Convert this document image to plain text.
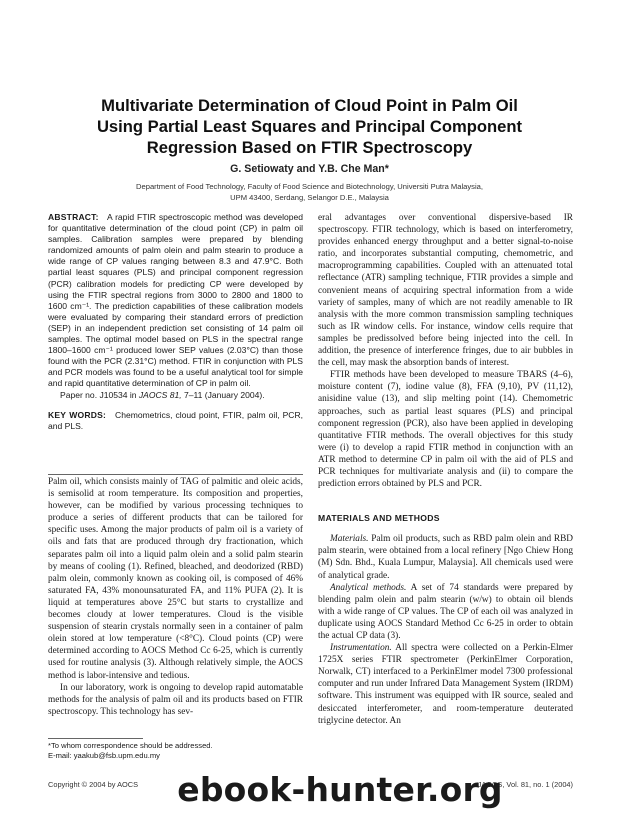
Multivariate Determination of Cloud Point in Palm Oil
Using Partial Least Squares and Principal Component
Regression Based on FTIR Spectroscopy
G. Setiowaty and Y.B. Che Man*
Department of Food Technology, Faculty of Food Science and Biotechnology, Universiti Putra Malaysia,
UPM 43400, Serdang, Selangor D.E., Malaysia

ABSTRACT: A rapid FTIR spectroscopic method was developed for quantitative determination of the cloud point (CP) in palm oil samples. Calibration samples were prepared by blending randomized amounts of palm olein and palm stearin to produce a wide range of CP values ranging between 8.3 and 47.9°C. Both partial least squares (PLS) and principal component regression (PCR) calibration models for predicting CP were developed by using the FTIR spectral regions from 3000 to 2800 and 1800 to 1600 cm⁻¹. The prediction capabilities of these calibration models were evaluated by comparing their standard errors of prediction (SEP) in an independent prediction set consisting of 14 palm oil samples. The optimal model based on PLS in the spectral range 1800–1600 cm⁻¹ produced lower SEP values (2.03°C) than those found with the PCR (2.31°C) method. FTIR in conjunction with PLS and PCR models was found to be a useful analytical tool for simple and rapid quantitative determination of CP in palm oil.

Paper no. J10534 in JAOCS 81, 7–11 (January 2004).

KEY WORDS: Chemometrics, cloud point, FTIR, palm oil, PCR, and PLS.

Palm oil, which consists mainly of TAG of palmitic and oleic acids, is semisolid at room temperature. Its composition and properties, however, can be modified by various processing techniques to produce a series of different products that can be tailored for specific uses. Among the major products of palm oil is a variety of oils and fats that are produced through dry fractionation, which separates palm oil into a liquid palm olein and a solid palm stearin by means of cooling (1). Refined, bleached, and deodorized (RBD) palm olein, commonly known as cooking oil, is composed of 46% saturated FA, 43% monounsaturated FA, and 11% PUFA (2). It is liquid at temperatures above 25°C but starts to crystallize and becomes cloudy at lower temperatures. Cloud is the visible suspension of stearin crystals normally seen in a container of palm olein stored at low temperature (<8°C). Cloud points (CP) were determined according to AOCS Method Cc 6-25, which is currently used for routine analysis (3). Although relatively simple, the AOCS method is labor-intensive and tedious.

In our laboratory, work is ongoing to develop rapid automatable methods for the analysis of palm oil and its products based on FTIR spectroscopy. This technology has sev-

*To whom correspondence should be addressed.
E-mail: yaakub@fsb.upm.edu.my

eral advantages over conventional dispersive-based IR spectroscopy. FTIR technology, which is based on interferometry, provides enhanced energy throughput and a better signal-to-noise ratio, and incorporates substantial computing, chemometric, and macroprogramming capabilities. Coupled with an attenuated total reflectance (ATR) sampling technique, FTIR provides a simple and convenient means of acquiring spectral information from a wide variety of samples, many of which are not readily amenable to IR analysis with the more common transmission sampling techniques such as IR window cells. For instance, window cells require that samples be predissolved before being injected into the cell. In addition, the presence of interference fringes, due to air bubbles in the cell, may mask the absorption bands of interest.

FTIR methods have been developed to measure TBARS (4–6), moisture content (7), iodine value (8), FFA (9,10), PV (11,12), anisidine value (13), and slip melting point (14). Chemometric approaches, such as partial least squares (PLS) and principal component regression (PCR), also have been applied in developing quantitative FTIR methods. The overall objectives for this study were (i) to develop a rapid FTIR method in conjunction with an ATR method to determine CP in palm oil with the aid of PLS and PCR techniques for multivariate analysis and (ii) to compare the prediction errors obtained by PLS and PCR.

MATERIALS AND METHODS

Materials. Palm oil products, such as RBD palm olein and RBD palm stearin, were obtained from a local refinery [Ngo Chiew Hong (M) Sdn. Bhd., Kuala Lumpur, Malaysia]. All chemicals used were of analytical grade.

Analytical methods. A set of 74 standards were prepared by blending palm olein and palm stearin (w/w) to obtain oil blends with a wide range of CP values. The CP of each oil was analyzed in duplicate using AOCS Standard Method Cc 6-25 in order to obtain the actual CP data (3).

Instrumentation. All spectra were collected on a Perkin-Elmer 1725X series FTIR spectrometer (PerkinElmer Corporation, Norwalk, CT) interfaced to a PerkinElmer model 7300 professional computer and run under Infrared Data Management System (IRDM) software. This instrument was equipped with IR source, sealed and desiccated interferometer, and room-temperature deuterated triglycine detector. An

Copyright © 2004 by AOCS	JAOCS, Vol. 81, no. 1 (2004)
ebook-hunter.org
